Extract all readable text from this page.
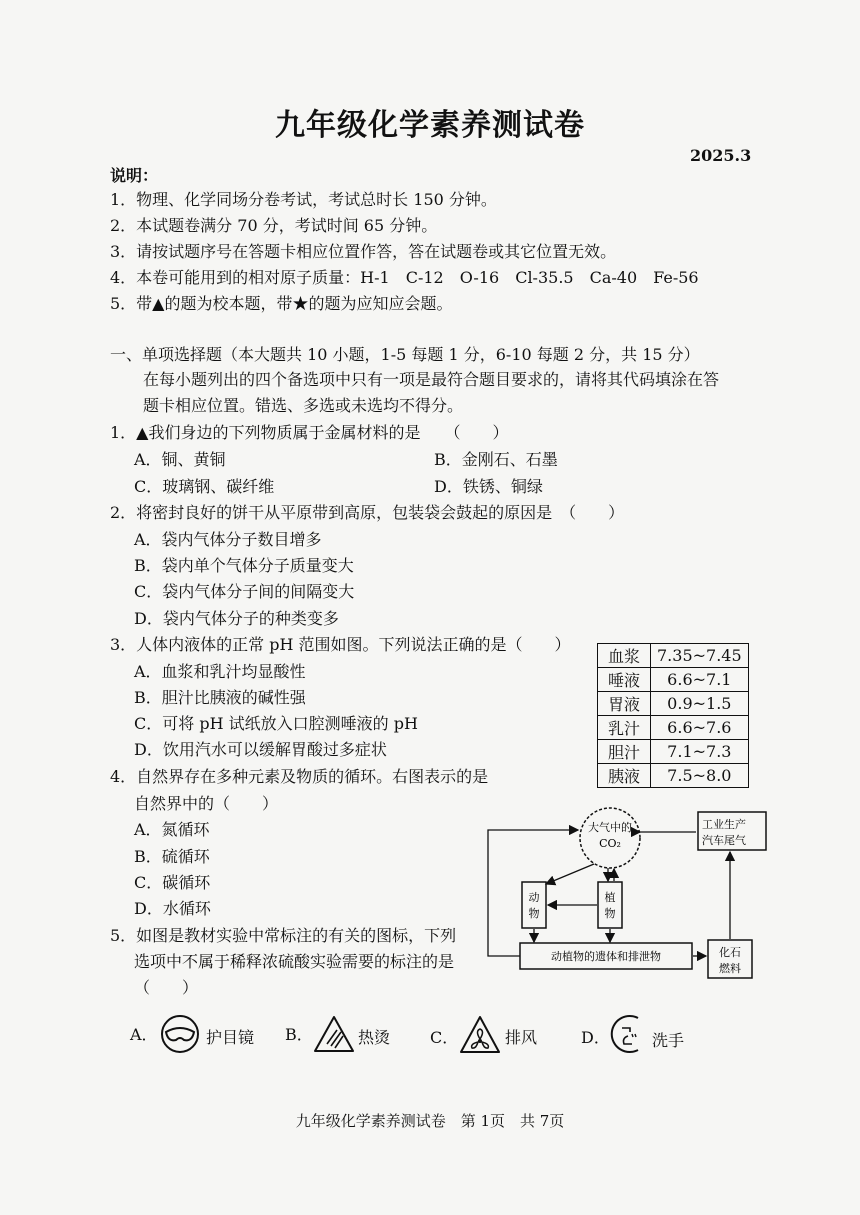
九年级化学素养测试卷
2025.3
说明：
1．物理、化学同场分卷考试，考试总时长 150 分钟。
2．本试题卷满分 70 分，考试时间 65 分钟。
3．请按试题序号在答题卡相应位置作答，答在试题卷或其它位置无效。
4．本卷可能用到的相对原子质量：H-1　C-12　O-16　Cl-35.5　Ca-40　Fe-56
5．带▲的题为校本题，带★的题为应知应会题。
一、单项选择题（本大题共 10 小题，1-5 每题 1 分，6-10 每题 2 分，共 15 分）
在每小题列出的四个备选项中只有一项是最符合题目要求的，请将其代码填涂在答
题卡相应位置。错选、多选或未选均不得分。
1．▲我们身边的下列物质属于金属材料的是　　（　　）
A．铜、黄铜	B．金刚石、石墨
C．玻璃钢、碳纤维	D．铁锈、铜绿
2．将密封良好的饼干从平原带到高原，包装袋会鼓起的原因是　（　　）
A．袋内气体分子数目增多
B．袋内单个气体分子质量变大
C．袋内气体分子间的间隔变大
D．袋内气体分子的种类变多
3．人体内液体的正常 pH 范围如图。下列说法正确的是（　　）
A．血浆和乳汁均显酸性
B．胆汁比胰液的碱性强
C．可将 pH 试纸放入口腔测唾液的 pH
D．饮用汽水可以缓解胃酸过多症状
血浆	7.35~7.45
唾液	6.6~7.1
胃液	0.9~1.5
乳汁	6.6~7.6
胆汁	7.1~7.3
胰液	7.5~8.0
4．自然界存在多种元素及物质的循环。右图表示的是
自然界中的（　　）
A．氮循环
B．硫循环
C．碳循环
D．水循环
大气中的
CO₂
工业生产
汽车尾气
动
物
植
物
动植物的遗体和排泄物	化石
燃料
5．如图是教材实验中常标注的有关的图标，下列
选项中不属于稀释浓硫酸实验需要的标注的是
（　　）
A．	护目镜 B．	热烫 C．	排风	D．	洗手
九年级化学素养测试卷　第 1页　共 7页
